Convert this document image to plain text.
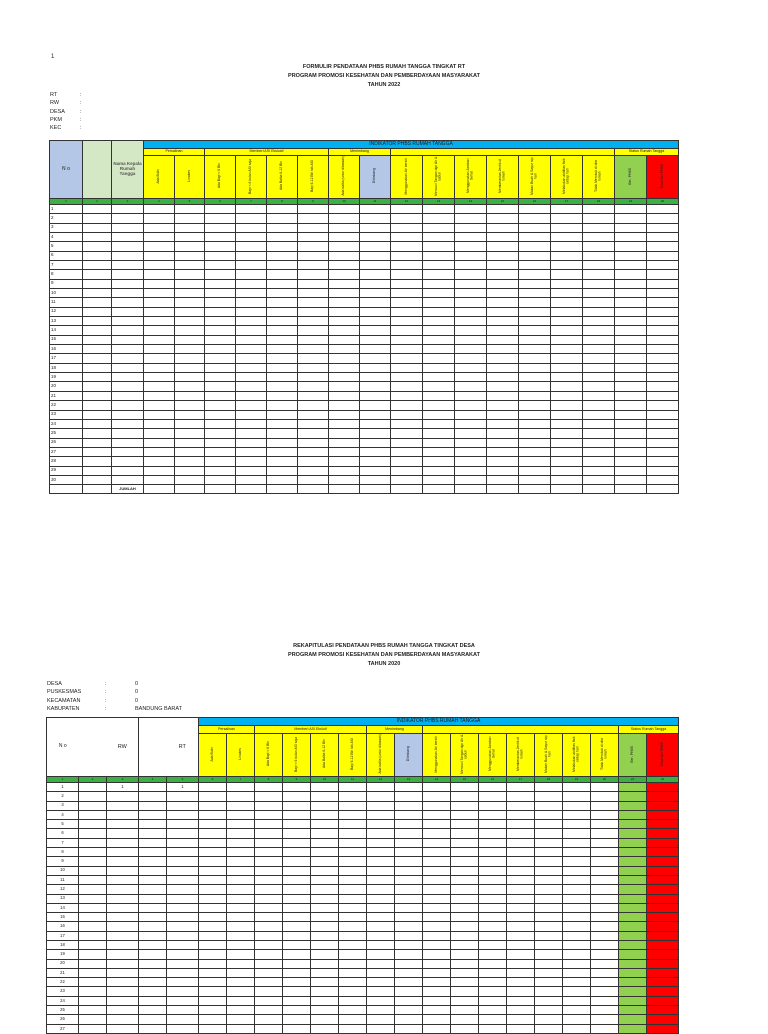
1
FORMULIR PENDATAAN PHBS RUMAH TANGGA TINGKAT RT
PROGRAM PROMOSI KESEHATAN DAN PEMBERDAYAAN MASYARAKAT
TAHUN 2022
RT	:
RW	:
DESA	:
PKM	:
KEC	:
N o		Nama Kepala Rumah Tangga	INDIKATOR PHBS RUMAH TANGGA																
			Persalinan		Memberi ASI Ekslusif				Menimbang									Status Rumah Tangga	
			Ada Bulin	Linakes	Ada Bayi < 6 Bln	Bayi < 6 bulan ASI saja	Ada Balita 6-12 Bln	Bayi 6-12 Bln tdk ASI	Ada balita (umur dibawah)	Ditimbang	Menggunakan Air bersih	Mencuci Tangan dgn Air & sabun	Menggunakan Jamban Sehat	Memberantas Jentik di rumah	Makan Buah & Sayur stp hari	Melakukan aktifitas fisik setiap hari	Tidak Merokok di dlm rumah	Ber- PHBS	Tidak Ber PHBS
1	2	3	4	5	6	7	8	9	10	11	12	13	14	15	16	17	18	19	20
1																			
2																			
3																			
4																			
5																			
6																			
7																			
8																			
9																			
10																			
11																			
12																			
13																			
14																			
15																			
16																			
17																			
18																			
19																			
20																			
21																			
22																			
23																			
24																			
25																			
26																			
27																			
28																			
29																			
30																			
		JUMLAH																	
REKAPITULASI PENDATAAN PHBS RUMAH TANGGA TINGKAT DESA
PROGRAM PROMOSI KESEHATAN DAN PEMBERDAYAAN MASYARAKAT
TAHUN 2020
DESA	:	0
PUSKESMAS	:	0
KECAMATAN	:	0
KABUPATEN	:	BANDUNG BARAT
N o		RW		RT	INDIKATOR PHBS RUMAH TANGGA																
					Persalinan		Memberi ASI Eksluif				Menimbang									Status Rumah Tangga	
					Ada Bulin	Linakes	Ada Bayi < 6 Bln	Bayi < 6 bulan ASI saja	Ada Balita 6-12 Bln	Bayi 6-12 Bln tdk ASI	Ada balita (umur dibawah)	Ditimbang	Menggunakan Air bersih	Mencuci Tangan dgn Air & sabun	Menggunakan Jamban Sehat	Memberantas Jentik di rumah	Makan Buah & Sayur stp hari	Melakukan aktifitas fisik setiap hari	Tidak Merokok di dlm rumah	Ber- PHBS	Tidak Ber PHBS
1	2	3	4	5	6	7	8	9	10	11	12	13	14	15	16	17	18	19	20	21	22
1		1		1																	
2																					
3																					
4																					
5																					
6																					
7																					
8																					
9																					
10																					
11																					
12																					
13																					
14																					
15																					
16																					
17																					
18																					
19																					
20																					
21																					
22																					
23																					
24																					
25																					
26																					
27																					
